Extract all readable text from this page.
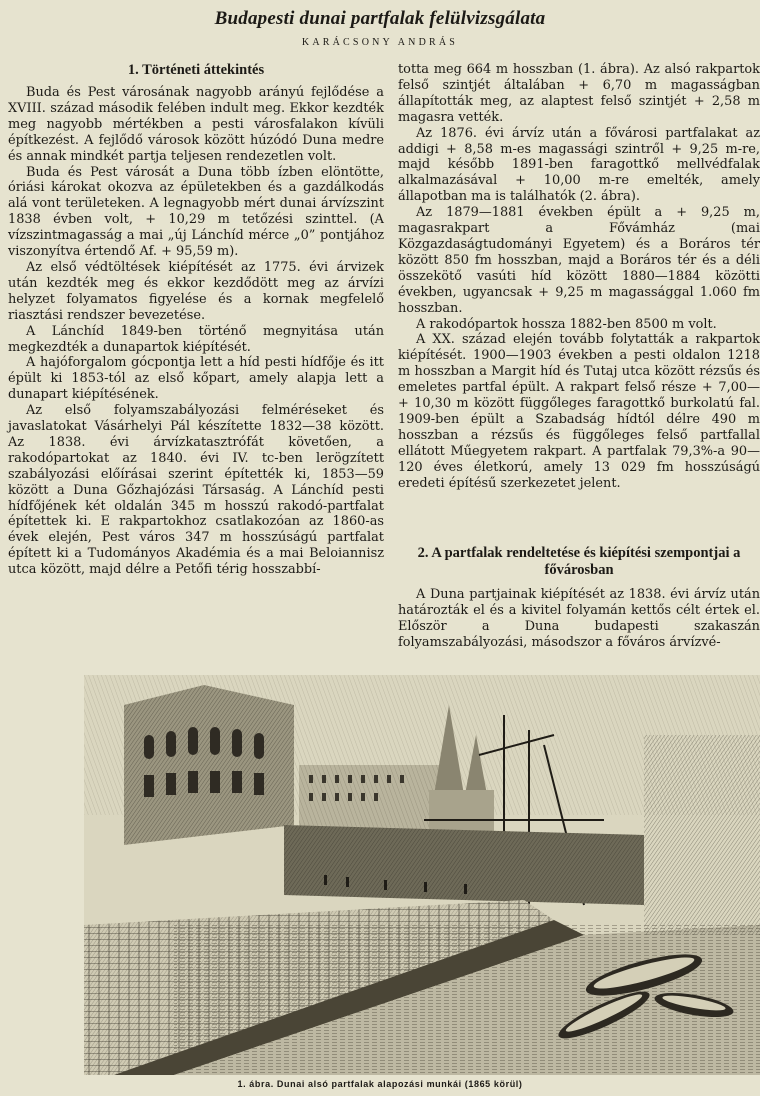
Budapesti dunai partfalak felülvizsgálata
KARÁCSONY ANDRÁS
1. Történeti áttekintés

Buda és Pest városának nagyobb arányú fejlődése a XVIII. század második felében indult meg. Ekkor kezdték meg nagyobb mértékben a pesti városfalakon kívüli építkezést. A fejlődő városok között húzódó Duna medre és annak mindkét partja teljesen rendezetlen volt.

Buda és Pest városát a Duna több ízben elöntötte, óriási károkat okozva az épületekben és a gazdálkodás alá vont területeken. A legnagyobb mért dunai árvízszint 1838 évben volt, + 10,29 m tetőzési szinttel. (A vízszintmagasság a mai „új Lánchíd mérce „0” pontjához viszonyítva értendő Af. + 95,59 m).

Az első védtöltések kiépítését az 1775. évi árvizek után kezdték meg és ekkor kezdődött meg az árvízi helyzet folyamatos figyelése és a kornak megfelelő riasztási rendszer bevezetése.

A Lánchíd 1849-ben történő megnyitása után megkezdték a dunapartok kiépítését.

A hajóforgalom gócpontja lett a híd pesti hídfője és itt épült ki 1853-tól az első kőpart, amely alapja lett a dunapart kiépítésének.

Az első folyamszabályozási felméréseket és javaslatokat Vásárhelyi Pál készítette 1832—38 között. Az 1838. évi árvízkatasztrófát követően, a rakodópartokat az 1840. évi IV. tc-ben lerögzített szabályozási előírásai szerint építették ki, 1853—59 között a Duna Gőzhajózási Társaság. A Lánchíd pesti hídfőjének két oldalán 345 m hosszú rakodó-partfalat építettek ki. E rakpartokhoz csatlakozóan az 1860-as évek elején, Pest város 347 m hosszúságú partfalat épített ki a Tudományos Akadémia és a mai Beloiannisz utca között, majd délre a Petőfi térig hosszabbí-

totta meg 664 m hosszban (1. ábra). Az alsó rakpartok felső szintjét általában + 6,70 m magasságban állapították meg, az alaptest felső szintjét + 2,58 m magasra vették.

Az 1876. évi árvíz után a fővárosi partfalakat az addigi + 8,58 m-es magassági szintről + 9,25 m-re, majd később 1891-ben faragottkő mellvédfalak alkalmazásával + 10,00 m-re emelték, amely állapotban ma is találhatók (2. ábra).

Az 1879—1881 években épült a + 9,25 m, magasrakpart a Fővámház (mai Közgazdaságtudományi Egyetem) és a Boráros tér között 850 fm hosszban, majd a Boráros tér és a déli összekötő vasúti híd között 1880—1884 közötti években, ugyancsak + 9,25 m magassággal 1.060 fm hosszban.

A rakodópartok hossza 1882-ben 8500 m volt.

A XX. század elején tovább folytatták a rakpartok kiépítését. 1900—1903 években a pesti oldalon 1218 m hosszban a Margit híd és Tutaj utca között rézsűs és emeletes partfal épült. A rakpart felső része + 7,00— + 10,30 m között függőleges faragottkő burkolatú fal. 1909-ben épült a Szabadság hídtól délre 490 m hosszban a rézsűs és függőleges felső partfallal ellátott Műegyetem rakpart. A partfalak 79,3%-a 90—120 éves életkorú, amely 13 029 fm hosszúságú eredeti építésű szerkezetet jelent.

2. A partfalak rendeltetése és kiépítési szempontjai a fővárosban

A Duna partjainak kiépítését az 1838. évi árvíz után határozták el és a kivitel folyamán kettős célt értek el. Először a Duna budapesti szakaszán folyamszabályozási, másodszor a főváros árvízvé-

1. ábra. Dunai alsó partfalak alapozási munkái (1865 körül)
